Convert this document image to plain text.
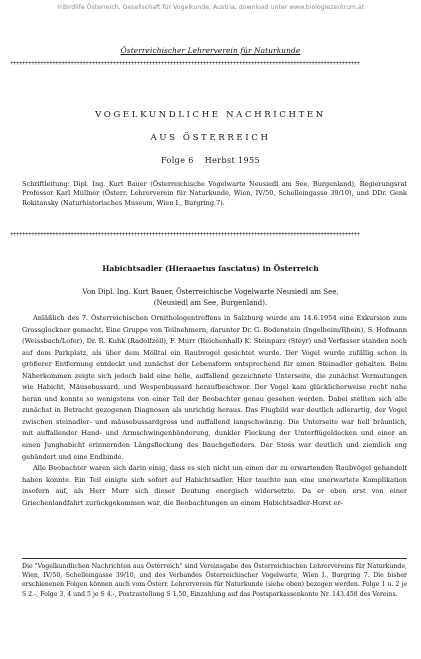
©Birdlife Österreich, Gesellschaft für Vogelkunde, Austria, download unter www.biologiezentrum.at
Österreichischer Lehrerverein für Naturkunde
++++++++++++++++++++++++++++++++++++++++++++++++++++++++++++++++++++++++++++++++++++++++++++++++++++++++++++++++++++
VOGELKUNDLICHE NACHRICHTEN
AUS ÖSTERREICH
Folge 6 Herbst 1955
Schriftleitung: Dipl. Ing. Kurt Bauer (Österreichische Vogelwarte Neusiedl am See, Burgenland), Regierungsrat Professor Karl Müllner (Österr. Lehrerverein für Naturkunde, Wien, IV/50, Schelleingasse 39/10), und DDr. Genk Rokitansky (Naturhistorisches Museum, Wien I., Burgring 7).
++++++++++++++++++++++++++++++++++++++++++++++++++++++++++++++++++++++++++++++++++++++++++++++++++++++++++++++++++++
Habichtsadler (Hieraaetus fasciatus) in Österreich
Von Dipl. Ing. Kurt Bauer, Österreichische Vogelwarte Neusiedl am See,
(Neusiedl am See, Burgenland).

Anläßlich des 7. Österreichischen Ornithologentreffens in Salzburg wurde am 14.6.1954 eine Exkursion zum Grossglockner gemacht. Eine Gruppe von Teilnehmern, darunter Dr. G. Bodenstein (Ingelheim/Rhein), S. Hofmann (Weissbach/Lofer), Dr. R. Kuhk (Radolfzell), F. Murr (Reichenhall) K. Steinparz (Steyr) und Verfasser standen noch auf dem Parkplatz, als über dem Mölltal ein Raubvogel gesichtet wurde. Der Vogel wurde zufällig schon in größerer Entfernung entdeckt und zunächst der Lebensform entsprechend für einen Steinadler gehalten. Beim Näherkommen zeigte sich jedoch bald eine helle, auffallend gezeichnete Unterseite, die zunächst Vermutungen wie Habicht, Mäusebussard, und Wespenbussard heraufbeschwor. Der Vogel kam glücklicherweise recht nahe heran und konnte so wenigstens von einer Teil der Beobachter genau gesehen werden. Dabei stellten sich alle zunächst in Betracht gezogenen Diagnosen als unrichtig heraus. Das Flugbild war deutlich adlerartig, der Vogel zwischen steinadler- und mäusebussardgross und auffallend langschwänzig. Die Unterseite war hell bräunlich, mit auffallender Hand- und Armschwingenbänderung, dunkler Fleckung der Unterflügeldecken und einer an einen Junghabicht erinnernden Längsfleckung des Bauchgefieders. Der Stoss war deutlich und ziemlich eng gebändert und eine Endbinde.

Alle Beobachter waren sich darin einig, dass es sich nicht um einen der zu erwartenden Raubvögel gehandelt haben konnte. Ein Teil einigte sich sofort auf Habichtsadler. Hier tauchte nun eine unerwartete Komplikation insofern auf, als Herr Murr sich dieser Deutung energisch widersetzte. Da er eben erst von einer Griechenlandfahrt zurückgekommen war, die Beobachtungen an einem Habichtsadler-Horst er-

Die "Vogelkundlichen Nachrichten aus Österreich" sind Vereinsgabe des Österreichischen Lehrervereins für Naturkunde, Wien, IV/50, Schelleingasse 39/10, und des Verbandes Österreichischer Vogelwarte, Wien I., Burgring 7. Die bisher erschienenen Folgen können auch vom Österr. Lehrerverein für Naturkunde (siehe oben) bezogen werden. Folge 1 u. 2 je S 2.-, Folge 3, 4 und 5 je S 4.-, Postzustellung S 1.50, Einzahlung auf das Postsparkassenkonto Nr. 143.458 des Vereins.
